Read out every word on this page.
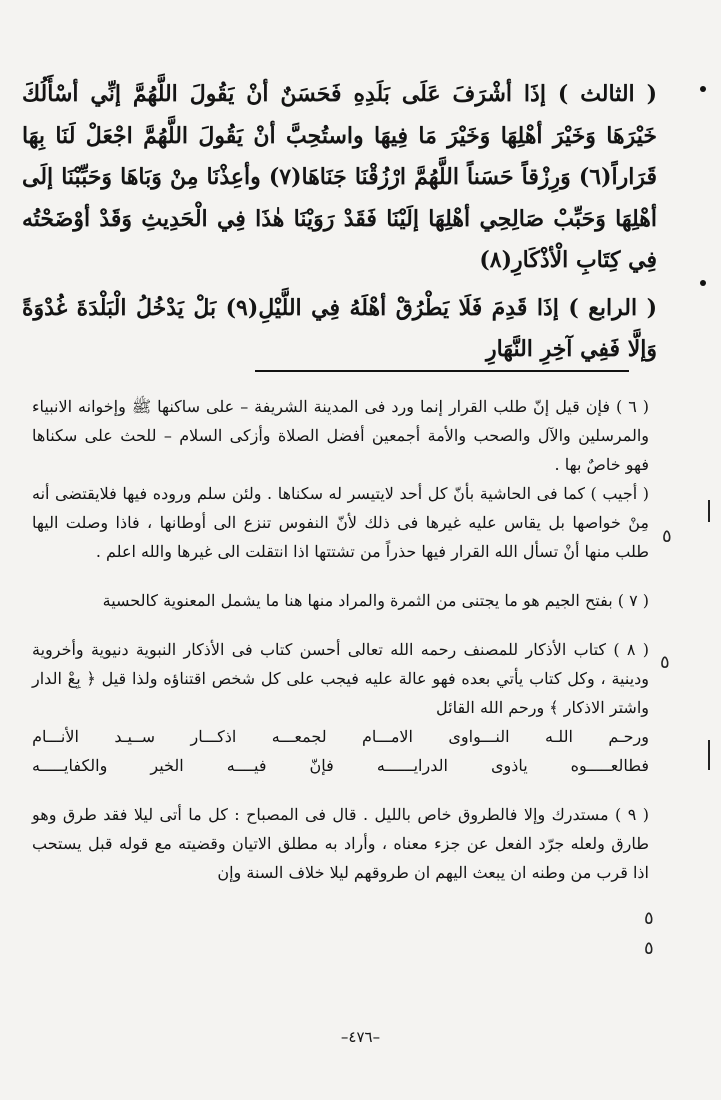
( الثالث ) إذَا أشْرَفَ عَلَى بَلَدِهِ فَحَسَنٌ أنْ يَقُولَ اللَّهُمَّ إنِّي أسْأَلُكَ خَيْرَهَا وَخَيْرَ أهْلِهَا وَخَيْرَ مَا فِيهَا واستُحِبَّ أنْ يَقُولَ اللَّهُمَّ اجْعَلْ لَنَا بِهَا قَرَاراً(٦) وَرِزْقاً حَسَناً اللَّهُمَّ ارْزُقْنَا جَنَاهَا(٧) وأعِذْنَا مِنْ وَبَاهَا وَحَبِّبْنَا إلَى أهْلِهَا وَحَبِّبْ صَالِحِي أهْلِهَا إلَيْنَا فَقَدْ رَوَيْنَا هٰذَا فِي الْحَدِيثِ وَقَدْ أوْضَحْتُه فِي كِتَابِ الْأذْكَارِ(٨)

( الرابع ) إذَا قَدِمَ فَلَا يَطْرُقْ أهْلَهُ فِي اللَّيْلِ(٩) بَلْ يَدْخُلُ الْبَلْدَةَ غُدْوَةً وَإلَّا فَفِي آخِرِ النَّهَارِ

( ٦ ) فإن قيل إنّ طلب القرار إنما ورد فى المدينة الشريفة – على ساكنها ﷺ وإخوانه الانبياء والمرسلين والآل والصحب والأمة أجمعين أفضل الصلاة وأزكى السلام – للحث على سكناها فهو خاصٌ بها .

( أجيب ) كما فى الحاشية بأنّ كل أحد لايتيسر له سكناها . ولئن سلم وروده فيها فلايقتضى أنه مِنْ خواصها بل يقاس عليه غيرها فى ذلك لأنّ النفوس تنزع الى أوطانها ، فاذا وصلت اليها طلب منها أنْ تسأل الله القرار فيها حذراً من تشتتها اذا انتقلت الى غيرها والله اعلم .

( ٧ ) بفتح الجيم هو ما يجتنى من الثمرة والمراد منها هنا ما يشمل المعنوية كالحسية

( ٨ ) كتاب الأذكار للمصنف رحمه الله تعالى أحسن كتاب فى الأذكار النبوية دنيوية وأخروية ودينية ، وكل كتاب يأتي بعده فهو عالة عليه فيجب على كل شخص اقتناؤه ولذا قيل ﴿ بِعْ الدار واشتر الاذكار ﴾ ورحم الله القائل

ورحـم
اللـه
النـــواوى
الامـــام
لجمعـــه
اذكـــار
ســيـد
الأنـــام
فطالعـــــوه
ياذوى
الدرايــــــه
فإنّ
فيــــه
الخير
والكفايـــــه

( ٩ ) مستدرك وإلا فالطروق خاص بالليل . قال فى المصباح : كل ما أتى ليلا فقد طرق وهو طارق ولعله جرّد الفعل عن جزء معناه ، وأراد به مطلق الاتيان وقضيته مع قوله قبل يستحب اذا قرب من وطنه ان يبعث اليهم ان طروقهم ليلا خلاف السنة وإن

٥
٥
٥
٥
–٤٧٦–
